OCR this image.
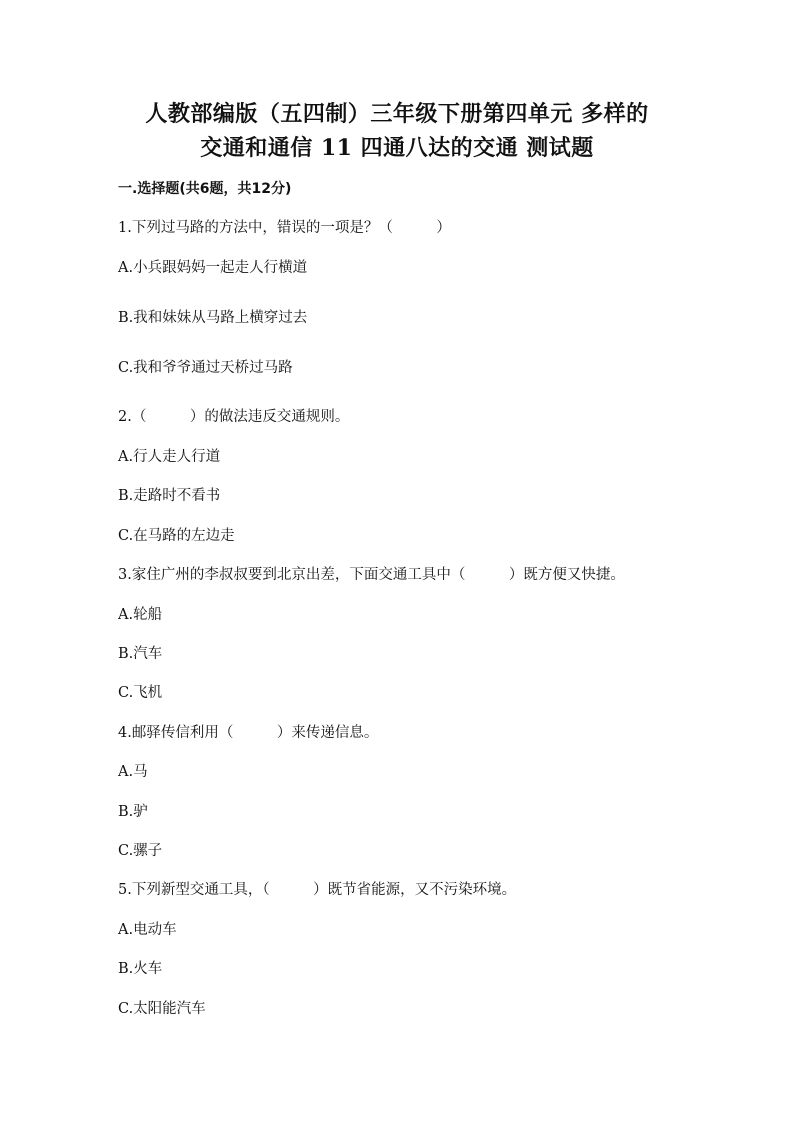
人教部编版（五四制）三年级下册第四单元 多样的
交通和通信 11 四通八达的交通 测试题
一.选择题(共6题，共12分)
1.下列过马路的方法中，错误的一项是？（　　　）
A.小兵跟妈妈一起走人行横道
B.我和妹妹从马路上横穿过去
C.我和爷爷通过天桥过马路
2.（　　　）的做法违反交通规则。
A.行人走人行道
B.走路时不看书
C.在马路的左边走
3.家住广州的李叔叔要到北京出差，下面交通工具中（　　　）既方便又快捷。
A.轮船
B.汽车
C.飞机
4.邮驿传信利用（　　　）来传递信息。
A.马
B.驴
C.骡子
5.下列新型交通工具，（　　　）既节省能源，又不污染环境。
A.电动车
B.火车
C.太阳能汽车
